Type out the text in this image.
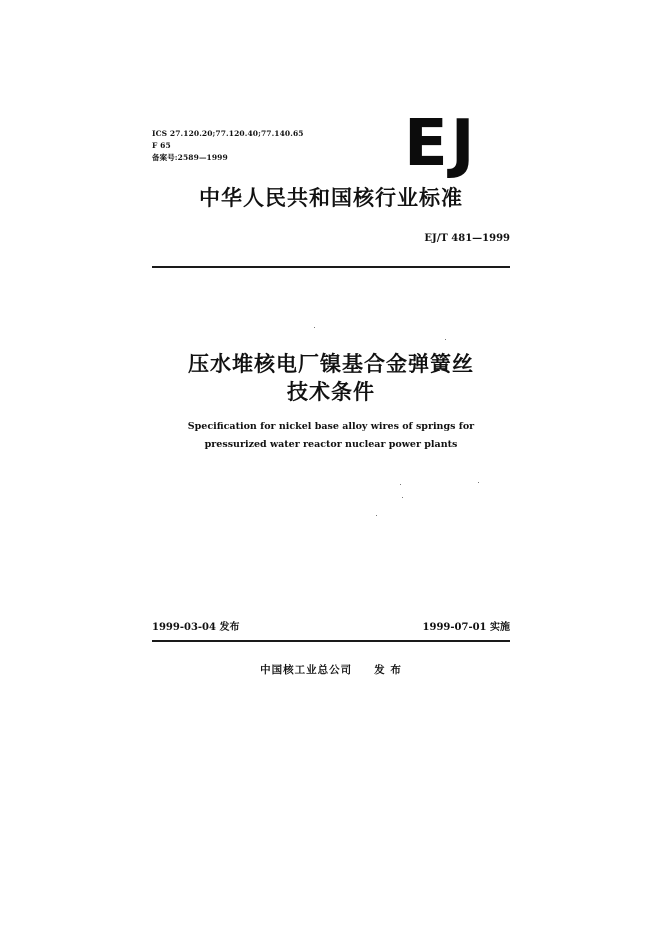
ICS 27.120.20;77.120.40;77.140.65
F 65
备案号:2589—1999	EJ
中华人民共和国核行业标准
EJ/T 481—1999
压水堆核电厂镍基合金弹簧丝
技术条件
Specification for nickel base alloy wires of springs for
pressurized water reactor nuclear power plants
1999-03-04 发布	1999-07-01 实施
中国核工业总公司 发 布
